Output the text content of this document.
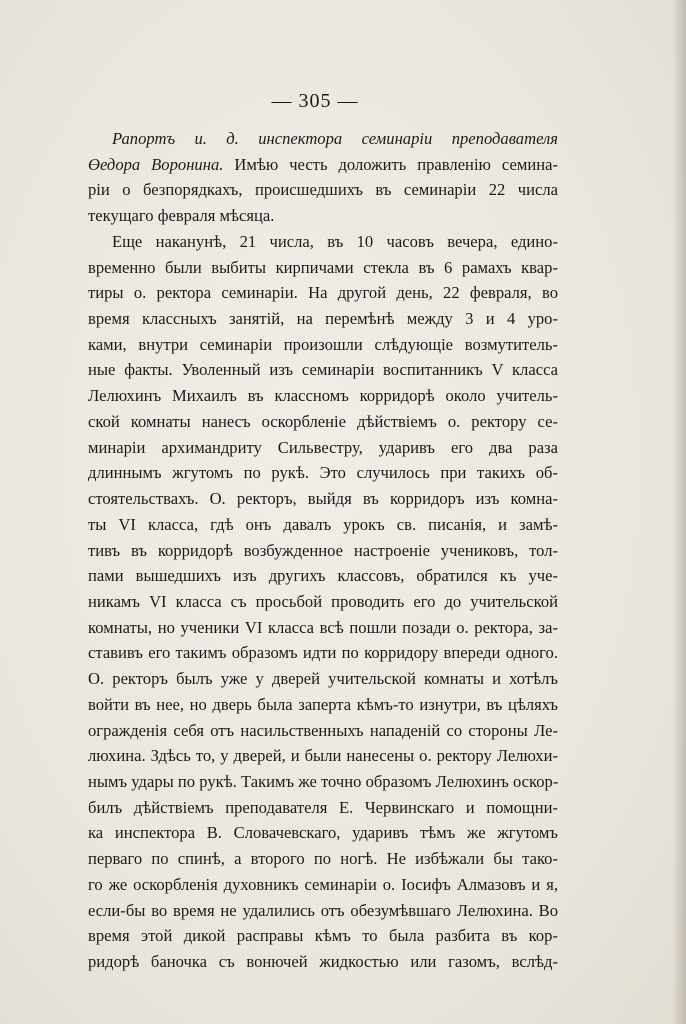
— 305 —
Рапортъ и. д. инспектора семинаріи преподавателя
Өедора Воронина. Имѣю честь доложить правленію семина-
ріи о безпорядкахъ, происшедшихъ въ семинаріи 22 числа
текущаго февраля мѣсяца.
Еще наканунѣ, 21 числа, въ 10 часовъ вечера, едино-
временно были выбиты кирпичами стекла въ 6 рамахъ квар-
тиры о. ректора семинаріи. На другой день, 22 февраля, во
время классныхъ занятій, на перемѣнѣ между 3 и 4 уро-
ками, внутри семинаріи произошли слѣдующіе возмутитель-
ные факты. Уволенный изъ семинаріи воспитанникъ V класса
Лелюхинъ Михаилъ въ классномъ корридорѣ около учитель-
ской комнаты нанесъ оскорбленіе дѣйствіемъ о. ректору се-
минаріи архимандриту Сильвестру, ударивъ его два раза
длиннымъ жгутомъ по рукѣ. Это случилось при такихъ об-
стоятельствахъ. О. ректоръ, выйдя въ корридоръ изъ комна-
ты VI класса, гдѣ онъ давалъ урокъ св. писанія, и замѣ-
тивъ въ корридорѣ возбужденное настроеніе учениковъ, тол-
пами вышедшихъ изъ другихъ классовъ, обратился къ уче-
никамъ VI класса съ просьбой проводить его до учительской
комнаты, но ученики VI класса всѣ пошли позади о. ректора, за-
ставивъ его такимъ образомъ идти по корридору впереди одного.
О. ректоръ былъ уже у дверей учительской комнаты и хотѣлъ
войти въ нее, но дверь была заперта кѣмъ-то изнутри, въ цѣляхъ
огражденія себя отъ насильственныхъ нападеній со стороны Ле-
люхина. Здѣсь то, у дверей, и были нанесены о. ректору Лелюхи-
нымъ удары по рукѣ. Такимъ же точно образомъ Лелюхинъ оскор-
билъ дѣйствіемъ преподавателя Е. Червинскаго и помощни-
ка инспектора В. Словачевскаго, ударивъ тѣмъ же жгутомъ
перваго по спинѣ, а второго по ногѣ. Не избѣжали бы тако-
го же оскорбленія духовникъ семинаріи о. Іосифъ Алмазовъ и я,
если-бы во время не удалились отъ обезумѣвшаго Лелюхина. Во
время этой дикой расправы кѣмъ то была разбита въ кор-
ридорѣ баночка съ вонючей жидкостью или газомъ, вслѣд-
